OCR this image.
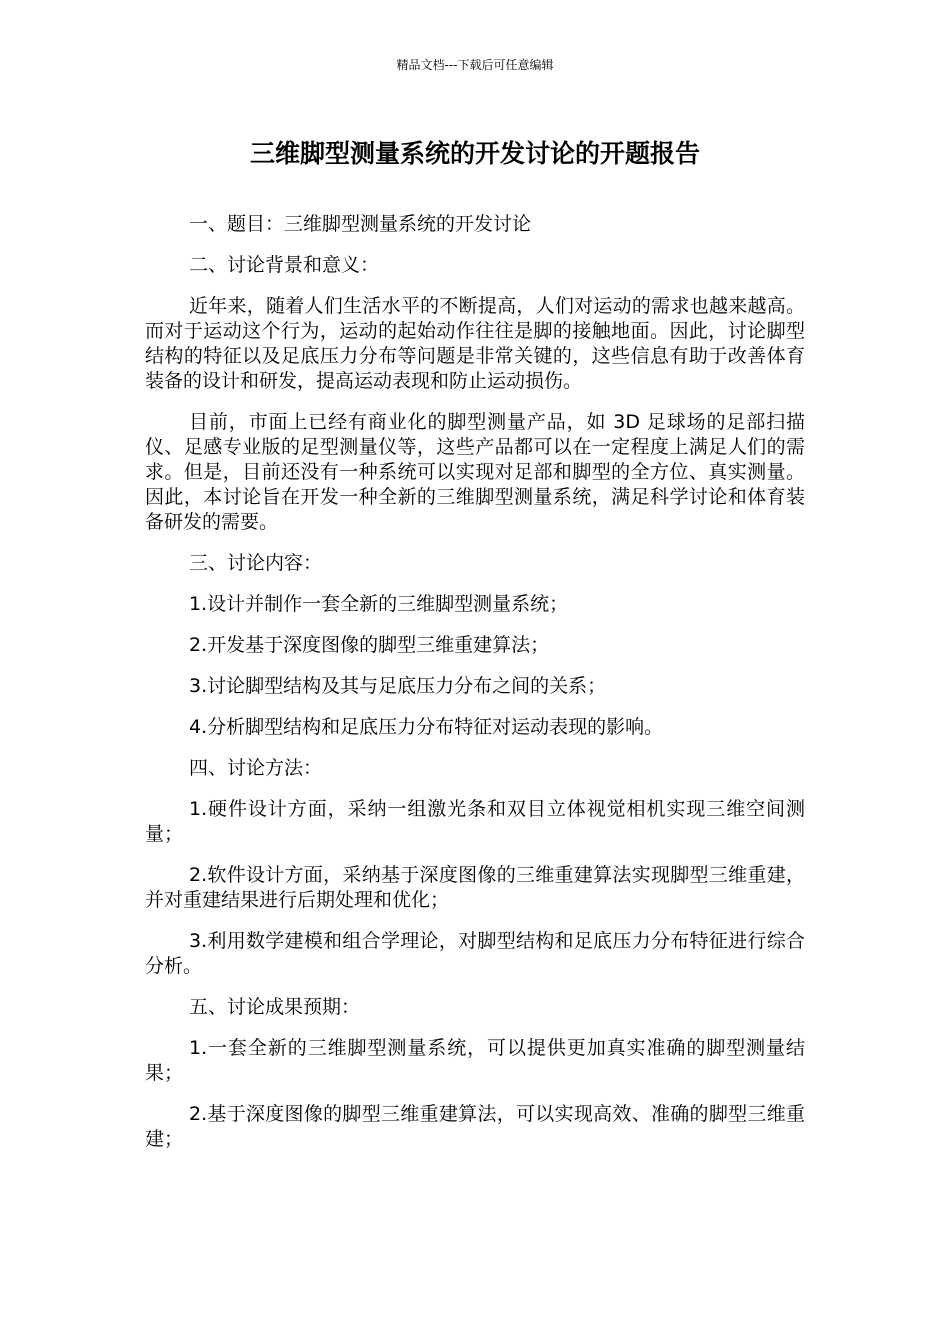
精品文档---下载后可任意编辑
三维脚型测量系统的开发讨论的开题报告

一、题目：三维脚型测量系统的开发讨论

二、讨论背景和意义：

近年来，随着人们生活水平的不断提高，人们对运动的需求也越来越高。而对于运动这个行为，运动的起始动作往往是脚的接触地面。因此，讨论脚型结构的特征以及足底压力分布等问题是非常关键的，这些信息有助于改善体育装备的设计和研发，提高运动表现和防止运动损伤。

目前，市面上已经有商业化的脚型测量产品，如 3D 足球场的足部扫描仪、足感专业版的足型测量仪等，这些产品都可以在一定程度上满足人们的需求。但是，目前还没有一种系统可以实现对足部和脚型的全方位、真实测量。因此，本讨论旨在开发一种全新的三维脚型测量系统，满足科学讨论和体育装备研发的需要。

三、讨论内容：

1.设计并制作一套全新的三维脚型测量系统；

2.开发基于深度图像的脚型三维重建算法；

3.讨论脚型结构及其与足底压力分布之间的关系；

4.分析脚型结构和足底压力分布特征对运动表现的影响。

四、讨论方法：

1.硬件设计方面，采纳一组激光条和双目立体视觉相机实现三维空间测量；

2.软件设计方面，采纳基于深度图像的三维重建算法实现脚型三维重建，并对重建结果进行后期处理和优化；

3.利用数学建模和组合学理论，对脚型结构和足底压力分布特征进行综合分析。

五、讨论成果预期：

1.一套全新的三维脚型测量系统，可以提供更加真实准确的脚型测量结果；

2.基于深度图像的脚型三维重建算法，可以实现高效、准确的脚型三维重建；
